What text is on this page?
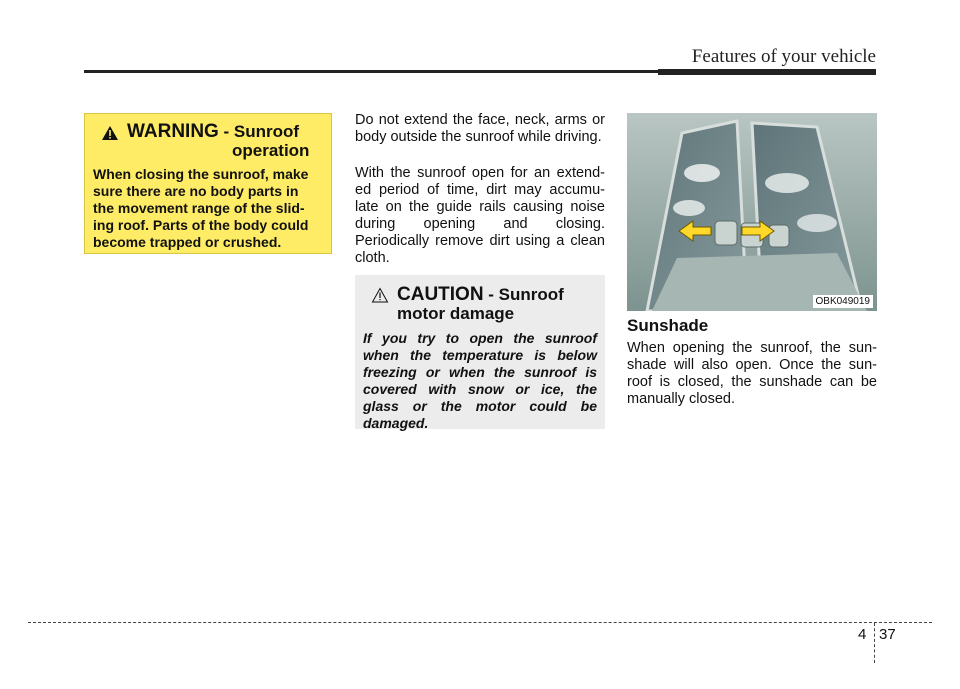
Features of your vehicle
WARNING - Sunroof
operation
When closing the sunroof, make sure there are no body parts in the movement range of the slid-ing roof. Parts of the body could become trapped or crushed.
Do not extend the face, neck, arms or body outside the sunroof while driving.
With the sunroof open for an extend-ed period of time, dirt may accumu-late on the guide rails causing noise during opening and closing. Periodically remove dirt using a clean cloth.
CAUTION - Sunroof
motor damage
If you try to open the sunroof when the temperature is below freezing or when the sunroof is covered with snow or ice, the glass or the motor could be damaged.
OBK049019
Sunshade
When opening the sunroof, the sun-shade will also open. Once the sun-roof is closed, the sunshade can be manually closed.
4 37
